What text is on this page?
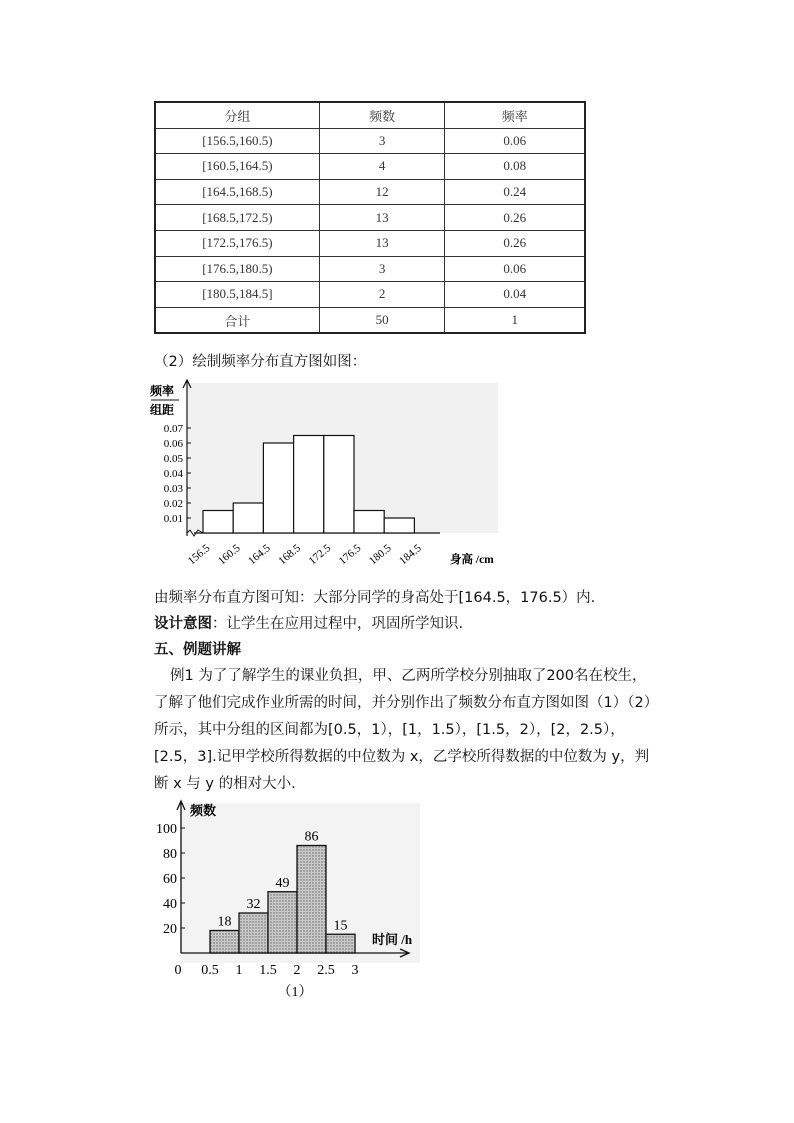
分组	频数	频率
[156.5,160.5)	3	0.06
[160.5,164.5)	4	0.08
[164.5,168.5)	12	0.24
[168.5,172.5)	13	0.26
[172.5,176.5)	13	0.26
[176.5,180.5)	3	0.06
[180.5,184.5]	2	0.04
合计	50	1
（2）绘制频率分布直方图如图：
频率
组距
0.01
0.02
0.03
0.04
0.05
0.06
0.07
156.5 160.5 164.5 168.5 172.5 176.5 180.5 184.5 身高 /cm
由频率分布直方图可知：大部分同学的身高处于[164.5，176.5）内.
设计意图：让学生在应用过程中，巩固所学知识.
五、例题讲解
例1 为了了解学生的课业负担，甲、乙两所学校分别抽取了200名在校生，
了解了他们完成作业所需的时间，并分别作出了频数分布直方图如图（1）（2）
所示，其中分组的区间都为[0.5，1），[1，1.5），[1.5，2），[2，2.5），
[2.5，3].记甲学校所得数据的中位数为 x，乙学校所得数据的中位数为 y，判
断 x 与 y 的相对大小.
频数
20
40
60
80
100
18
32
49
86
15
0 0.5 1 1.5 2 2.5 3
时间 /h
（1）
